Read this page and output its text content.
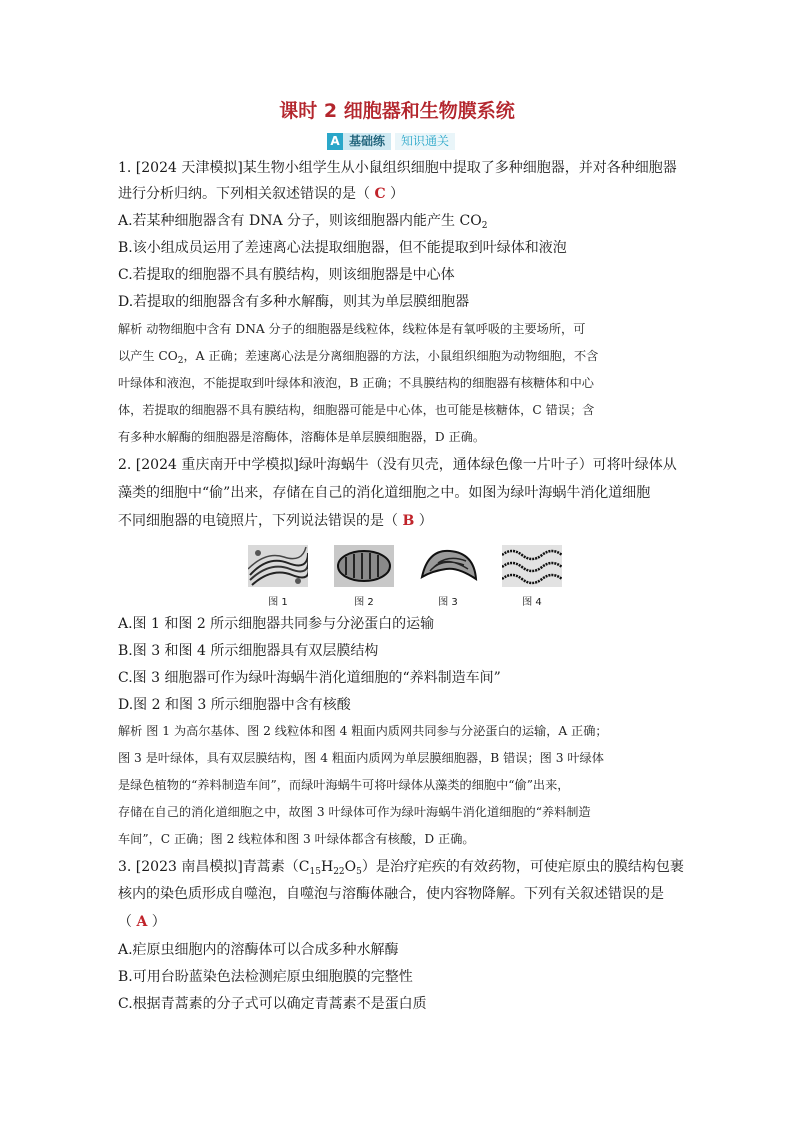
课时 2 细胞器和生物膜系统
A 基础练	知识通关
1. [2024 天津模拟]某生物小组学生从小鼠组织细胞中提取了多种细胞器，并对各种细胞器
进行分析归纳。下列相关叙述错误的是（ C ）
A.若某种细胞器含有 DNA 分子，则该细胞器内能产生 $CO_2$
B.该小组成员运用了差速离心法提取细胞器，但不能提取到叶绿体和液泡
C.若提取的细胞器不具有膜结构，则该细胞器是中心体
D.若提取的细胞器含有多种水解酶，则其为单层膜细胞器
解析 动物细胞中含有 DNA 分子的细胞器是线粒体，线粒体是有氧呼吸的主要场所，可
以产生 $CO_2$，A 正确；差速离心法是分离细胞器的方法，小鼠组织细胞为动物细胞，不含
叶绿体和液泡，不能提取到叶绿体和液泡，B 正确；不具膜结构的细胞器有核糖体和中心
体，若提取的细胞器不具有膜结构，细胞器可能是中心体，也可能是核糖体，C 错误；含
有多种水解酶的细胞器是溶酶体，溶酶体是单层膜细胞器，D 正确。
2. [2024 重庆南开中学模拟]绿叶海蜗牛（没有贝壳，通体绿色像一片叶子）可将叶绿体从
藻类的细胞中“偷”出来，存储在自己的消化道细胞之中。如图为绿叶海蜗牛消化道细胞
不同细胞器的电镜照片，下列说法错误的是（ B ）
图 1	图 2	图 3	图 4
A.图 1 和图 2 所示细胞器共同参与分泌蛋白的运输
B.图 3 和图 4 所示细胞器具有双层膜结构
C.图 3 细胞器可作为绿叶海蜗牛消化道细胞的“养料制造车间”
D.图 2 和图 3 所示细胞器中含有核酸
解析 图 1 为高尔基体、图 2 线粒体和图 4 粗面内质网共同参与分泌蛋白的运输，A 正确；
图 3 是叶绿体，具有双层膜结构，图 4 粗面内质网为单层膜细胞器，B 错误；图 3 叶绿体
是绿色植物的“养料制造车间”，而绿叶海蜗牛可将叶绿体从藻类的细胞中“偷”出来，
存储在自己的消化道细胞之中，故图 3 叶绿体可作为绿叶海蜗牛消化道细胞的“养料制造
车间”，C 正确；图 2 线粒体和图 3 叶绿体都含有核酸，D 正确。
3. [2023 南昌模拟]青蒿素$(C_{15}H_{22}O_5)$是治疗疟疾的有效药物，可使疟原虫的膜结构包裹
核内的染色质形成自噬泡，自噬泡与溶酶体融合，使内容物降解。下列有关叙述错误的是
（ A ）
A.疟原虫细胞内的溶酶体可以合成多种水解酶
B.可用台盼蓝染色法检测疟原虫细胞膜的完整性
C.根据青蒿素的分子式可以确定青蒿素不是蛋白质
